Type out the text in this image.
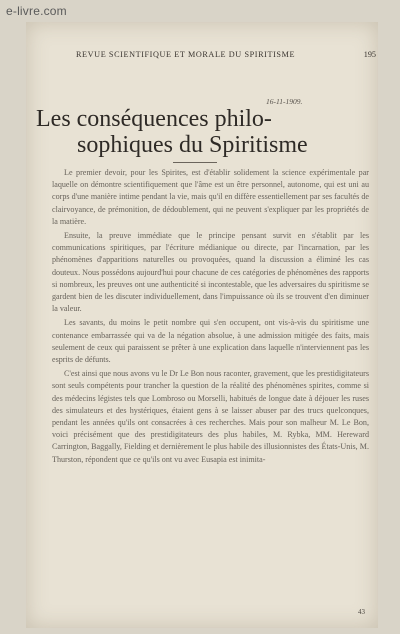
e-livre.com
REVUE SCIENTIFIQUE ET MORALE DU SPIRITISME	195
16-11-1909.
Les conséquences philo-
sophiques du Spiritisme

Le premier devoir, pour les Spirites, est d'établir solidement la science expérimentale par laquelle on démontre scientifiquement que l'âme est un être personnel, autonome, qui est uni au corps d'une manière intime pendant la vie, mais qu'il en diffère essentiellement par ses facultés de clairvoyance, de prémonition, de dédoublement, qui ne peuvent s'expliquer par les propriétés de la matière.

Ensuite, la preuve immédiate que le principe pensant survit en s'établit par les communications spiritiques, par l'écriture médianique ou directe, par l'incarnation, par les phénomènes d'apparitions naturelles ou provoquées, quand la discussion a éliminé les cas douteux. Nous possédons aujourd'hui pour chacune de ces catégories de phénomènes des rapports si nombreux, les preuves ont une authenticité si incontestable, que les adversaires du spiritisme se gardent bien de les discuter individuellement, dans l'impuissance où ils se trouvent d'en diminuer la valeur.

Les savants, du moins le petit nombre qui s'en occupent, ont vis-à-vis du spiritisme une contenance embarrassée qui va de la négation absolue, à une admission mitigée des faits, mais seulement de ceux qui paraissent se prêter à une explication dans laquelle n'interviennent pas les esprits de défunts.

C'est ainsi que nous avons vu le Dr Le Bon nous raconter, gravement, que les prestidigitateurs sont seuls compétents pour trancher la question de la réalité des phénomènes spirites, comme si des médecins légistes tels que Lombroso ou Morselli, habitués de longue date à déjouer les ruses des simulateurs et des hystériques, étaient gens à se laisser abuser par des trucs quelconques, pendant les années qu'ils ont consacrées à ces recherches. Mais pour son malheur M. Le Bon, voici précisément que des prestidigitateurs des plus habiles, M. Rybka, MM. Hereward Carrington, Baggally, Fielding et dernièrement le plus habile des illusionnistes des États-Unis, M. Thurston, répondent que ce qu'ils ont vu avec Eusapia est inimita-

43
